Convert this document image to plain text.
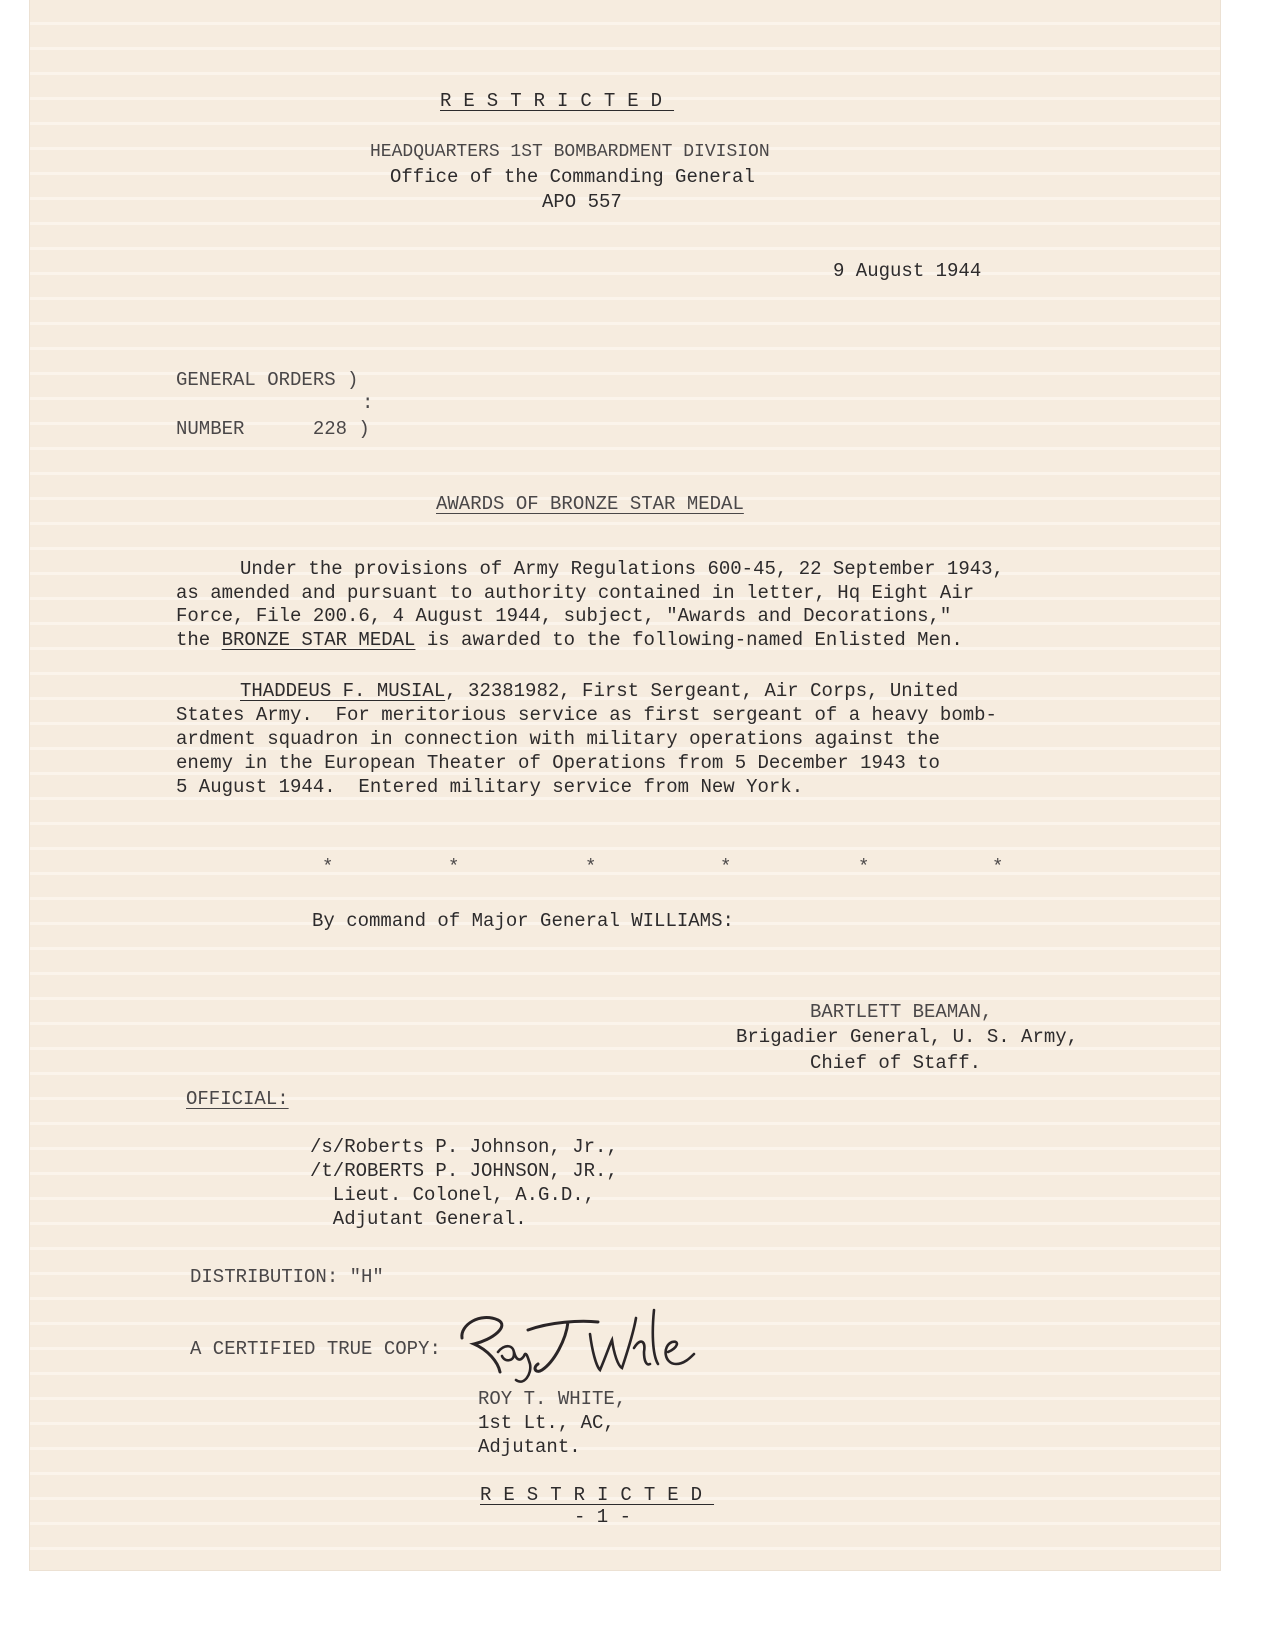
RESTRICTED
HEADQUARTERS 1ST BOMBARDMENT DIVISION
Office of the Commanding General
APO 557
9 August 1944
GENERAL ORDERS )
:
NUMBER      228 )
AWARDS OF BRONZE STAR MEDAL
Under the provisions of Army Regulations 600-45, 22 September 1943,
as amended and pursuant to authority contained in letter, Hq Eight Air
Force, File 200.6, 4 August 1944, subject, "Awards and Decorations,"
the BRONZE STAR MEDAL is awarded to the following-named Enlisted Men.
THADDEUS F. MUSIAL, 32381982, First Sergeant, Air Corps, United
States Army.  For meritorious service as first sergeant of a heavy bomb-
ardment squadron in connection with military operations against the
enemy in the European Theater of Operations from 5 December 1943 to
5 August 1944.  Entered military service from New York.
*	*	*	*	*	*
By command of Major General WILLIAMS:
BARTLETT BEAMAN,
Brigadier General, U. S. Army,
Chief of Staff.
OFFICIAL:
/s/Roberts P. Johnson, Jr.,
/t/ROBERTS P. JOHNSON, JR.,
Lieut. Colonel, A.G.D.,
Adjutant General.
DISTRIBUTION: "H"
A CERTIFIED TRUE COPY:
ROY T. WHITE,
1st Lt., AC,
Adjutant.
RESTRICTED
- 1 -
